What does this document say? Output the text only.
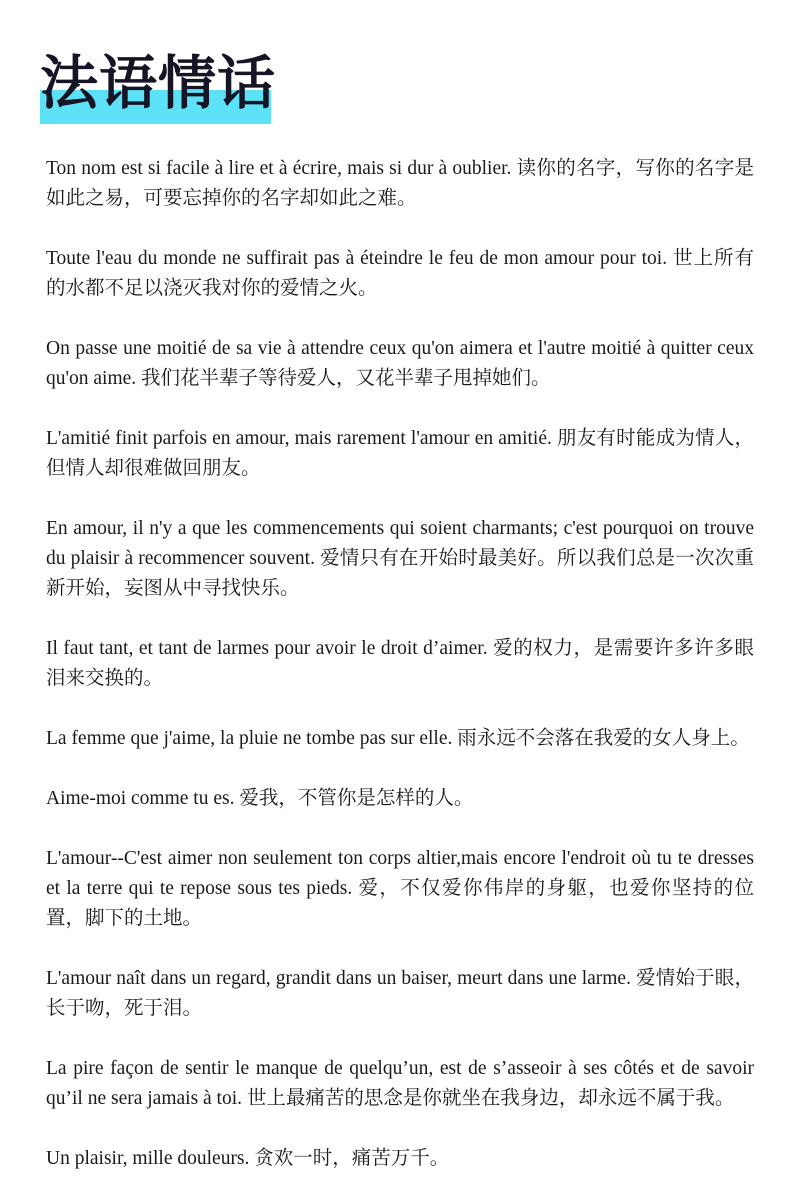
法语情话

Ton nom est si facile à lire et à écrire, mais si dur à oublier. 读你的名字，写你的名字是如此之易，可要忘掉你的名字却如此之难。

Toute l'eau du monde ne suffirait pas à éteindre le feu de mon amour pour toi. 世上所有的水都不足以浇灭我对你的爱情之火。

On passe une moitié de sa vie à attendre ceux qu'on aimera et l'autre moitié à quitter ceux qu'on aime. 我们花半辈子等待爱人，又花半辈子甩掉她们。

L'amitié finit parfois en amour, mais rarement l'amour en amitié. 朋友有时能成为情人，但情人却很难做回朋友。

En amour, il n'y a que les commencements qui soient charmants; c'est pourquoi on trouve du plaisir à recommencer souvent. 爱情只有在开始时最美好。所以我们总是一次次重新开始，妄图从中寻找快乐。

Il faut tant, et tant de larmes pour avoir le droit d’aimer. 爱的权力，是需要许多许多眼泪来交换的。

La femme que j'aime, la pluie ne tombe pas sur elle. 雨永远不会落在我爱的女人身上。

Aime-moi comme tu es. 爱我，不管你是怎样的人。

L'amour--C'est aimer non seulement ton corps altier,mais encore l'endroit où tu te dresses et la terre qui te repose sous tes pieds. 爱，不仅爱你伟岸的身躯，也爱你坚持的位置，脚下的土地。

L'amour naît dans un regard, grandit dans un baiser, meurt dans une larme. 爱情始于眼，长于吻，死于泪。

La pire façon de sentir le manque de quelqu’un, est de s’asseoir à ses côtés et de savoir qu’il ne sera jamais à toi. 世上最痛苦的思念是你就坐在我身边，却永远不属于我。

Un plaisir, mille douleurs. 贪欢一时，痛苦万千。
